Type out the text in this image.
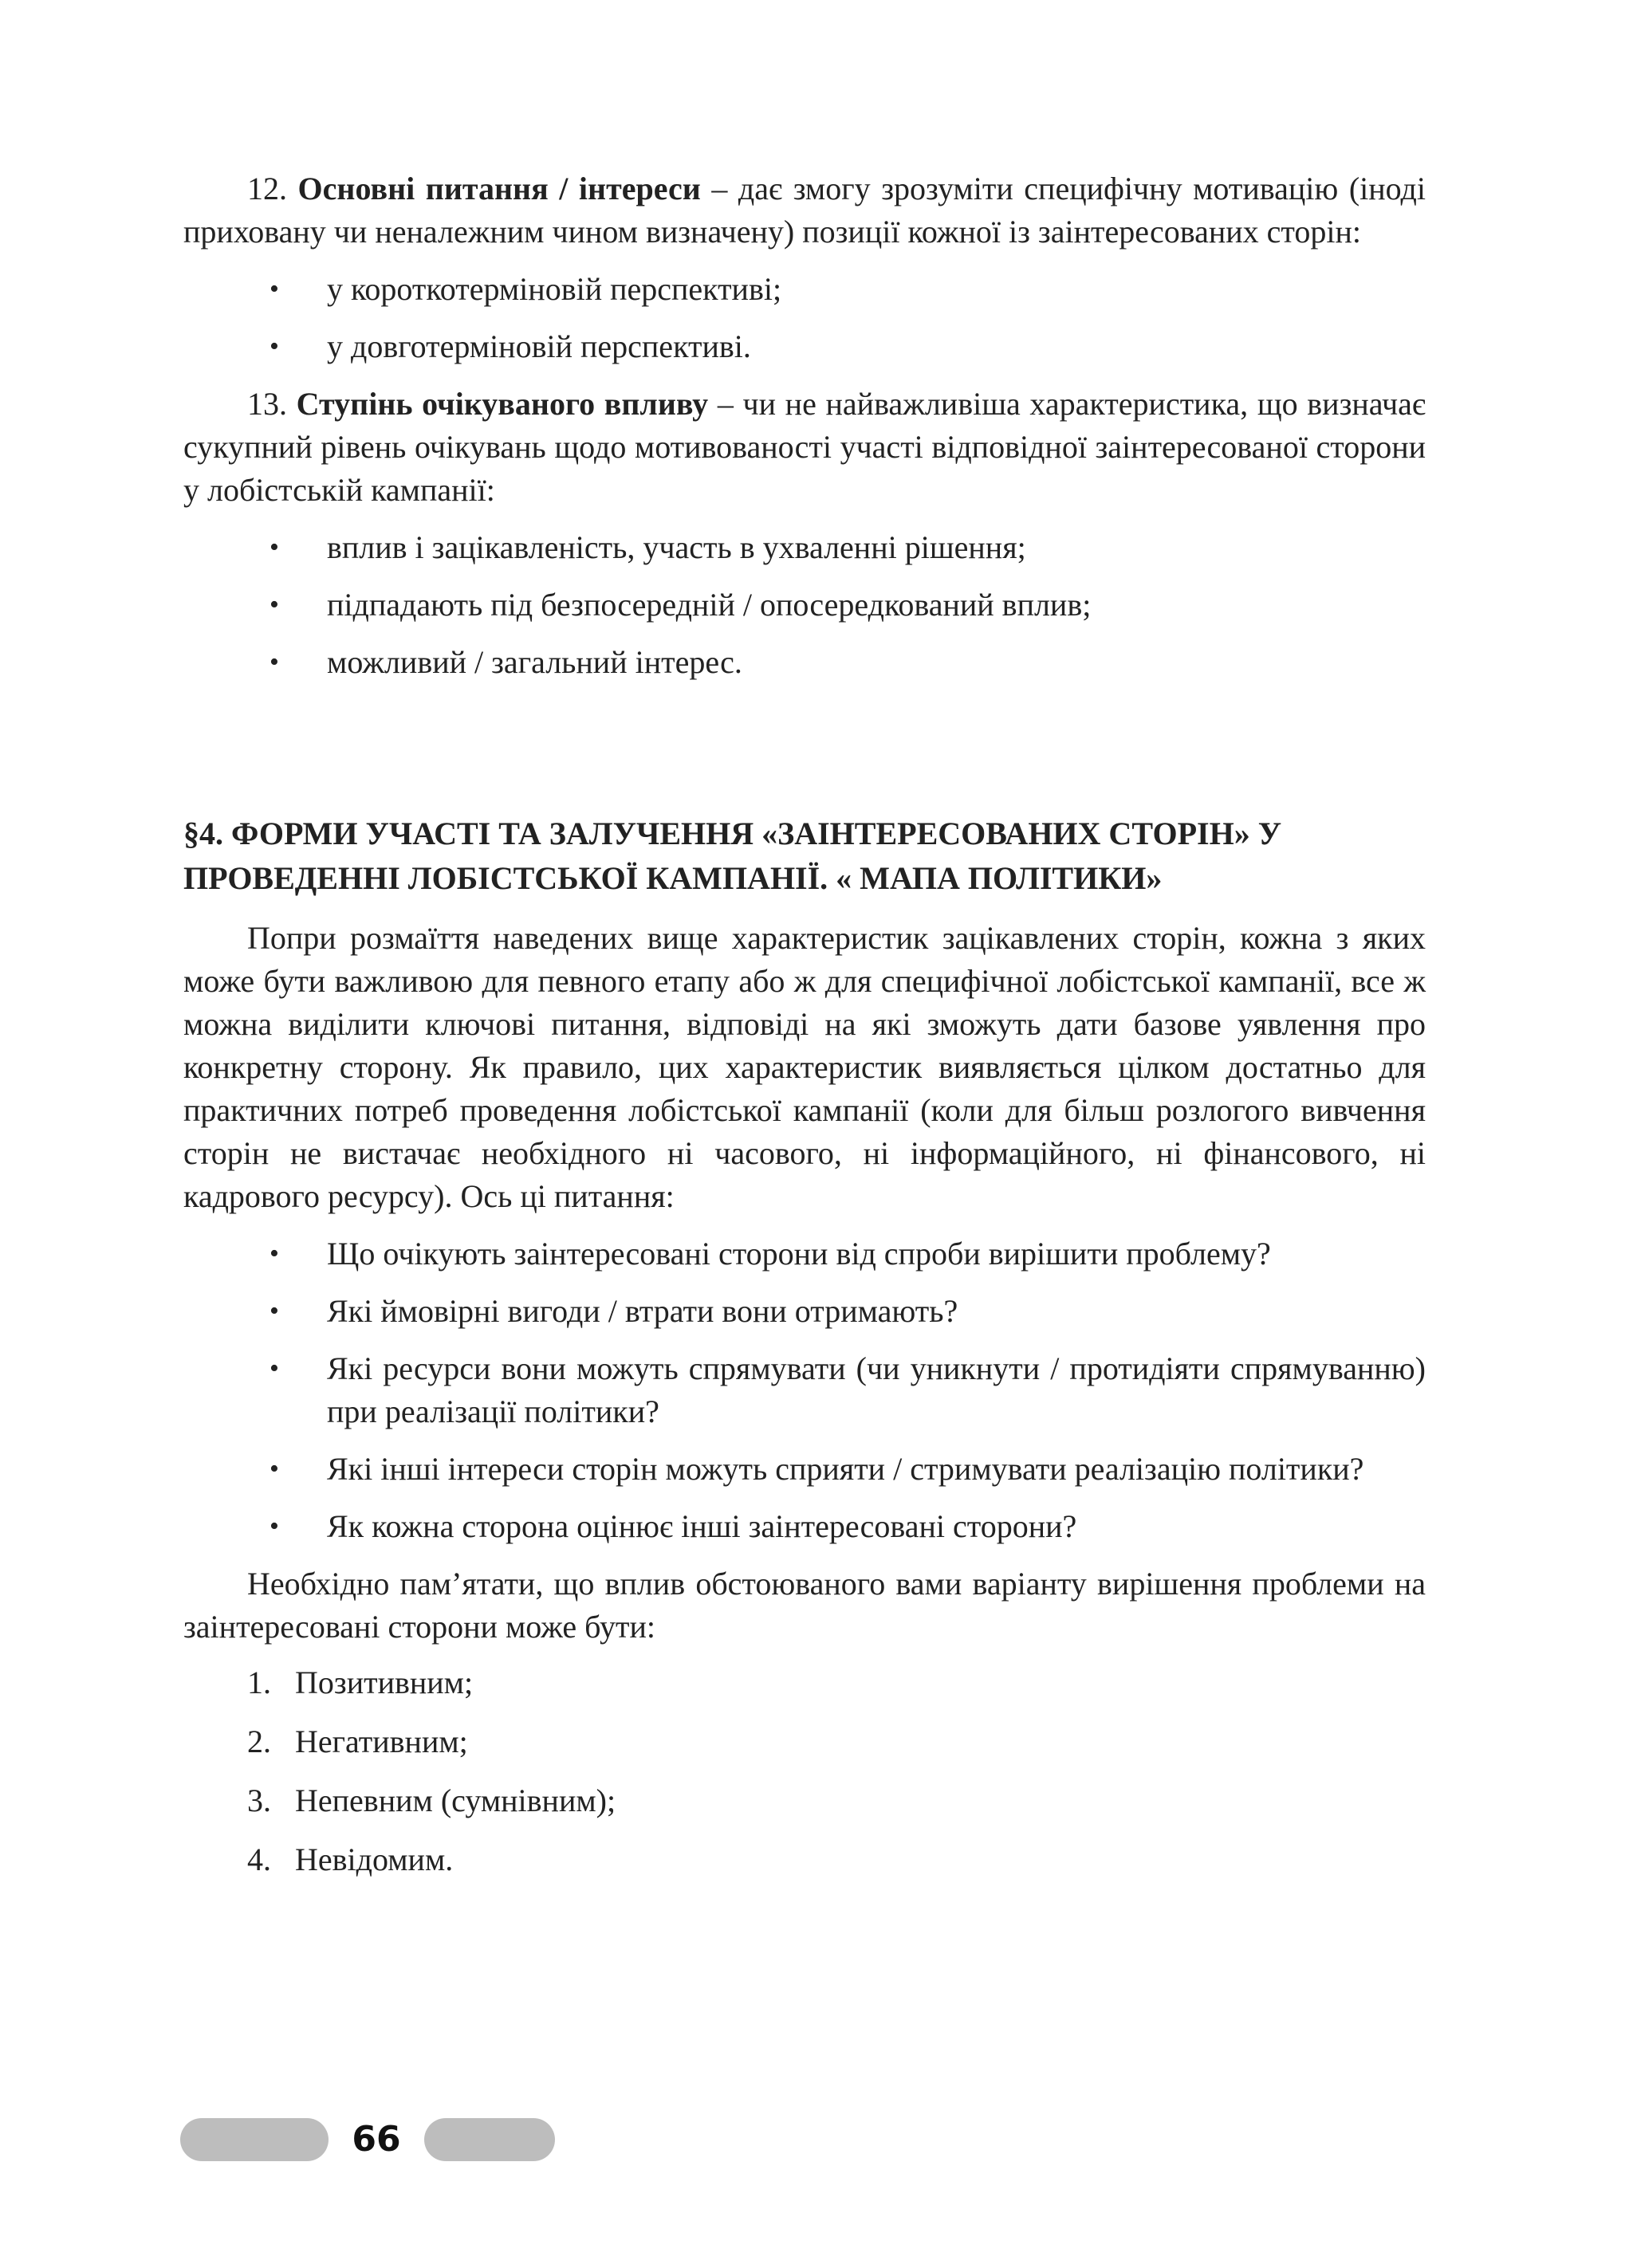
12. Основні питання / інтереси – дає змогу зрозуміти специфічну мотивацію (іноді приховану чи неналежним чином визначену) позиції кожної із заінтересованих сторін:

• у короткотерміновій перспективі;
• у довготерміновій перспективі.

13. Ступінь очікуваного впливу – чи не найважливіша характеристика, що визначає сукупний рівень очікувань щодо мотивованості участі відповідної заінтересованої сторони у лобістській кампанії:

• вплив і зацікавленість, участь в ухваленні рішення;
• підпадають під безпосередній / опосередкований вплив;
• можливий / загальний інтерес.
§4. ФОРМИ УЧАСТІ ТА ЗАЛУЧЕННЯ «ЗАІНТЕРЕСОВАНИХ СТОРІН» У
ПРОВЕДЕННІ ЛОБІСТСЬКОЇ КАМПАНІЇ. « МАПА ПОЛІТИКИ»

Попри розмаїття наведених вище характеристик зацікавлених сторін, кожна з яких може бути важливою для певного етапу або ж для специфічної лобістської кампанії, все ж можна виділити ключові питання, відповіді на які зможуть дати базове уявлення про конкретну сторону. Як правило, цих характеристик виявляється цілком достатньо для практичних потреб проведення лобістської кампанії (коли для більш розлогого вивчення сторін не вистачає необхідного ні часового, ні інформаційного, ні фінансового, ні кадрового ресурсу). Ось ці питання:

• Що очікують заінтересовані сторони від спроби вирішити проблему?
• Які ймовірні вигоди / втрати вони отримають?
• Які ресурси вони можуть спрямувати (чи уникнути / протидіяти спрямуванню) при реалізації політики?
• Які інші інтереси сторін можуть сприяти / стримувати реалізацію політики?
• Як кожна сторона оцінює інші заінтересовані сторони?

Необхідно пам’ятати, що вплив обстоюваного вами варіанту вирішення проблеми на заінтересовані сторони може бути:

1. Позитивним;
2. Негативним;
3. Непевним (сумнівним);
4. Невідомим.
66
